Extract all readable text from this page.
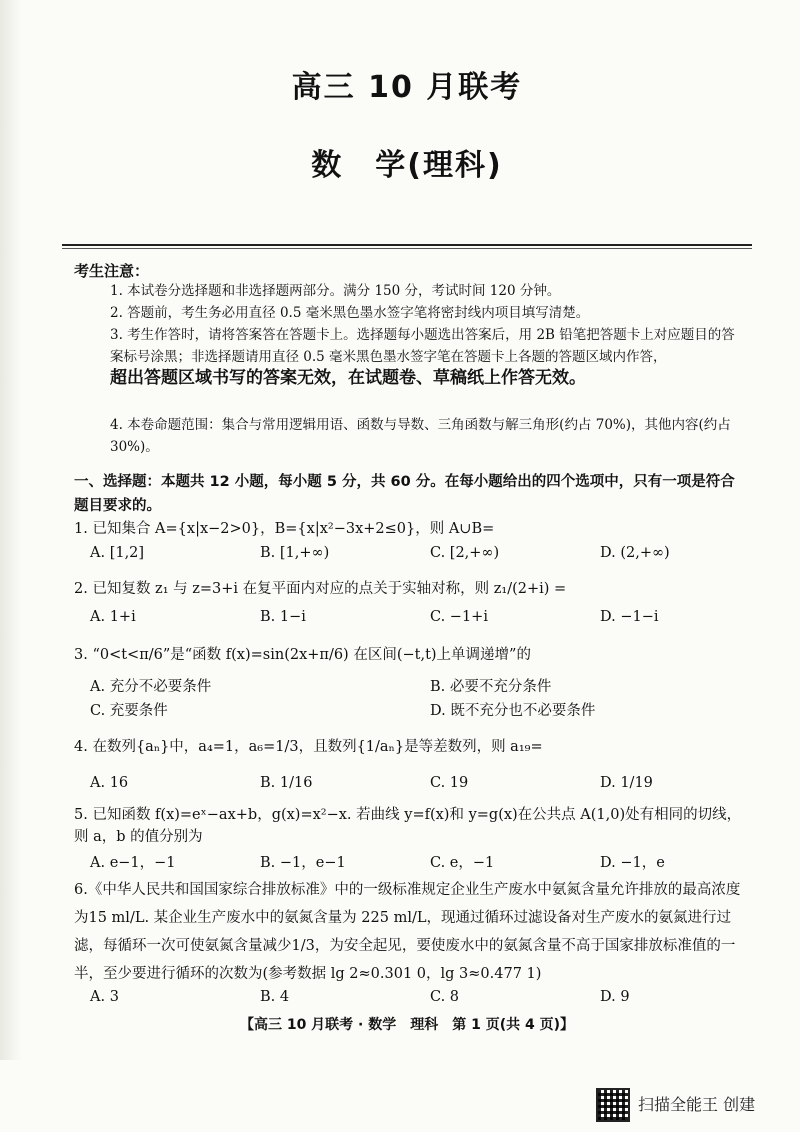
高三 10 月联考
数　学(理科)
考生注意：
1. 本试卷分选择题和非选择题两部分。满分 150 分，考试时间 120 分钟。
2. 答题前，考生务必用直径 0.5 毫米黑色墨水签字笔将密封线内项目填写清楚。
3. 考生作答时，请将答案答在答题卡上。选择题每小题选出答案后，用 2B 铅笔把答题卡上对应题目的答案标号涂黑；非选择题请用直径 0.5 毫米黑色墨水签字笔在答题卡上各题的答题区域内作答，
超出答题区域书写的答案无效，在试题卷、草稿纸上作答无效。
4. 本卷命题范围：集合与常用逻辑用语、函数与导数、三角函数与解三角形(约占 70%)，其他内容(约占 30%)。
一、选择题：本题共 12 小题，每小题 5 分，共 60 分。在每小题给出的四个选项中，只有一项是符合题目要求的。
1. 已知集合 A={x|x−2>0}，B={x|x²−3x+2≤0}，则 A∪B=
A. [1,2]	B. [1,+∞)	C. [2,+∞)	D. (2,+∞)
2. 已知复数 z₁ 与 z=3+i 在复平面内对应的点关于实轴对称，则 z₁/(2+i) =
A. 1+i	B. 1−i	C. −1+i	D. −1−i
3. “0<t<π/6”是“函数 f(x)=sin(2x+π/6) 在区间(−t,t)上单调递增”的
A. 充分不必要条件	B. 必要不充分条件
C. 充要条件	D. 既不充分也不必要条件
4. 在数列{aₙ}中，a₄=1，a₆=1/3，且数列{1/aₙ}是等差数列，则 a₁₉=
A. 16	B. 1/16	C. 19	D. 1/19
5. 已知函数 f(x)=eˣ−ax+b，g(x)=x²−x. 若曲线 y=f(x)和 y=g(x)在公共点 A(1,0)处有相同的切线，则 a，b 的值分别为
A. e−1，−1	B. −1，e−1	C. e，−1	D. −1，e
6.《中华人民共和国国家综合排放标准》中的一级标准规定企业生产废水中氨氮含量允许排放的最高浓度为15 ml/L. 某企业生产废水中的氨氮含量为 225 ml/L，现通过循环过滤设备对生产废水的氨氮进行过滤，每循环一次可使氨氮含量减少1/3，为安全起见，要使废水中的氨氮含量不高于国家排放标准值的一半，至少要进行循环的次数为(参考数据 lg 2≈0.301 0，lg 3≈0.477 1)
A. 3	B. 4	C. 8	D. 9
【高三 10 月联考 · 数学　理科　第 1 页(共 4 页)】
扫描全能王 创建
